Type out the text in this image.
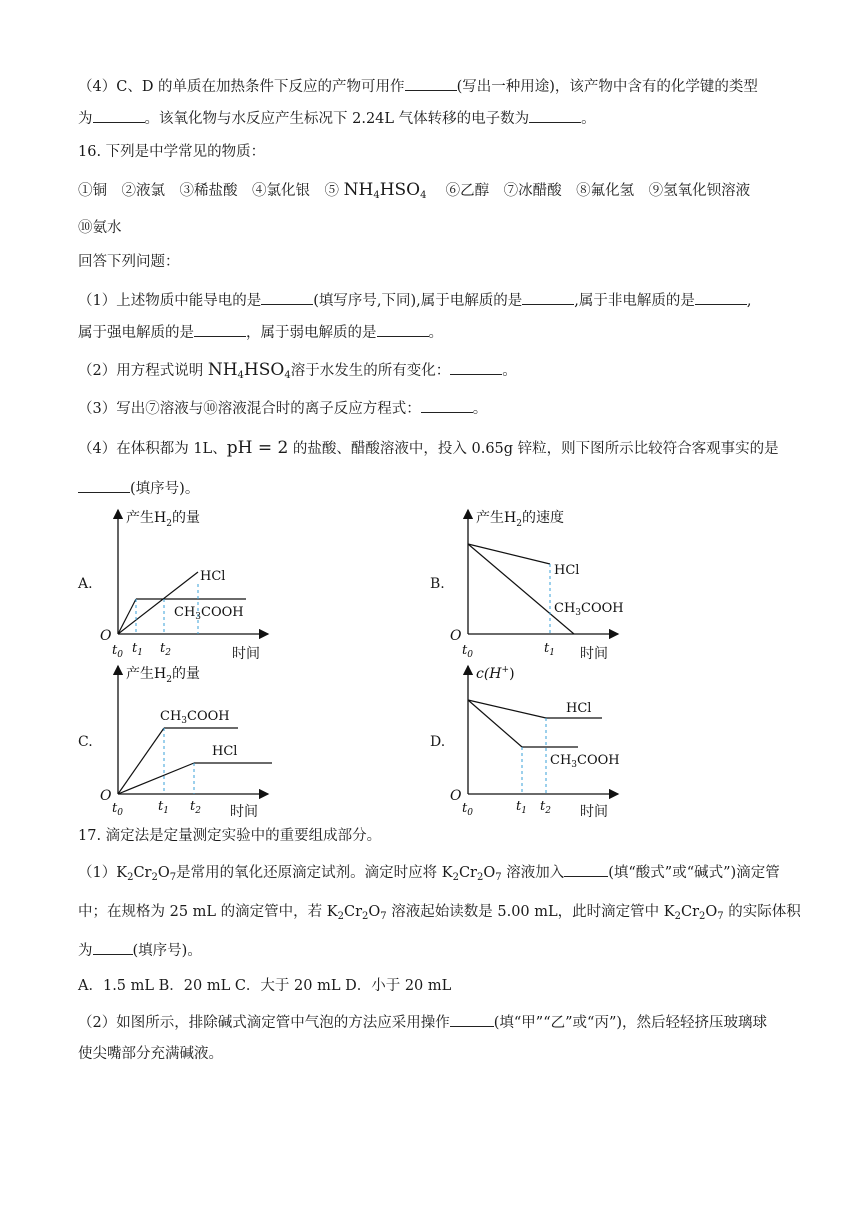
（4）C、D 的单质在加热条件下反应的产物可用作	(写出一种用途)，该产物中含有的化学键的类型
为	。该氧化物与水反应产生标况下 2.24L 气体转移的电子数为	。
16. 下列是中学常见的物质：
①铜　②液氯　③稀盐酸　④氯化银　⑤ $NH_4HSO_4$ 　 ⑥乙醇　⑦冰醋酸　⑧氟化氢　⑨氢氧化钡溶液
⑩氨水
回答下列问题：
（1）上述物质中能导电的是	(填写序号,下同),属于电解质的是	,属于非电解质的是	,
属于强电解质的是	，属于弱电解质的是	。
（2）用方程式说明 $NH_4HSO_4$溶于水发生的所有变化：	。
（3）写出⑦溶液与⑩溶液混合时的离子反应方程式：	。
（4）在体积都为 1L、pH = 2 的盐酸、醋酸溶液中，投入 0.65g 锌粒，则下图所示比较符合客观事实的是
(填序号)。
A.	B.
C.	D.
产生$H_2$的量
O
$t_0$ $t_1$ $t_2$	时间
HCl
$CH_3COOH$
产生$H_2$的速度
O
$t_0$	$t_1$ 时间
HCl
$CH_3COOH$
产生$H_2$的量
O
$t_0$	$t_1$ $t_2$ 时间
$CH_3COOH$
HCl
c(H+)
O
$t_0$	$t_1$ $t_2$ 时间
HCl
$CH_3COOH$
17. 滴定法是定量测定实验中的重要组成部分。
$(1)K_2Cr_2O_7$是常用的氧化还原滴定试剂。滴定时应将 $K_2Cr_2O_7$ 溶液加入	(填“酸式”或“碱式”)滴定管
中；在规格为 25 mL 的滴定管中，若 $K_2Cr_2O_7$ 溶液起始读数是 5.00 mL，此时滴定管中 $K_2Cr_2O_7$ 的实际体积
为	(填序号)。
A．1.5 mL B．20 mL C．大于 20 mL D．小于 20 mL
（2）如图所示，排除碱式滴定管中气泡的方法应采用操作	(填“甲”“乙”或“丙”)，然后轻轻挤压玻璃球
使尖嘴部分充满碱液。
